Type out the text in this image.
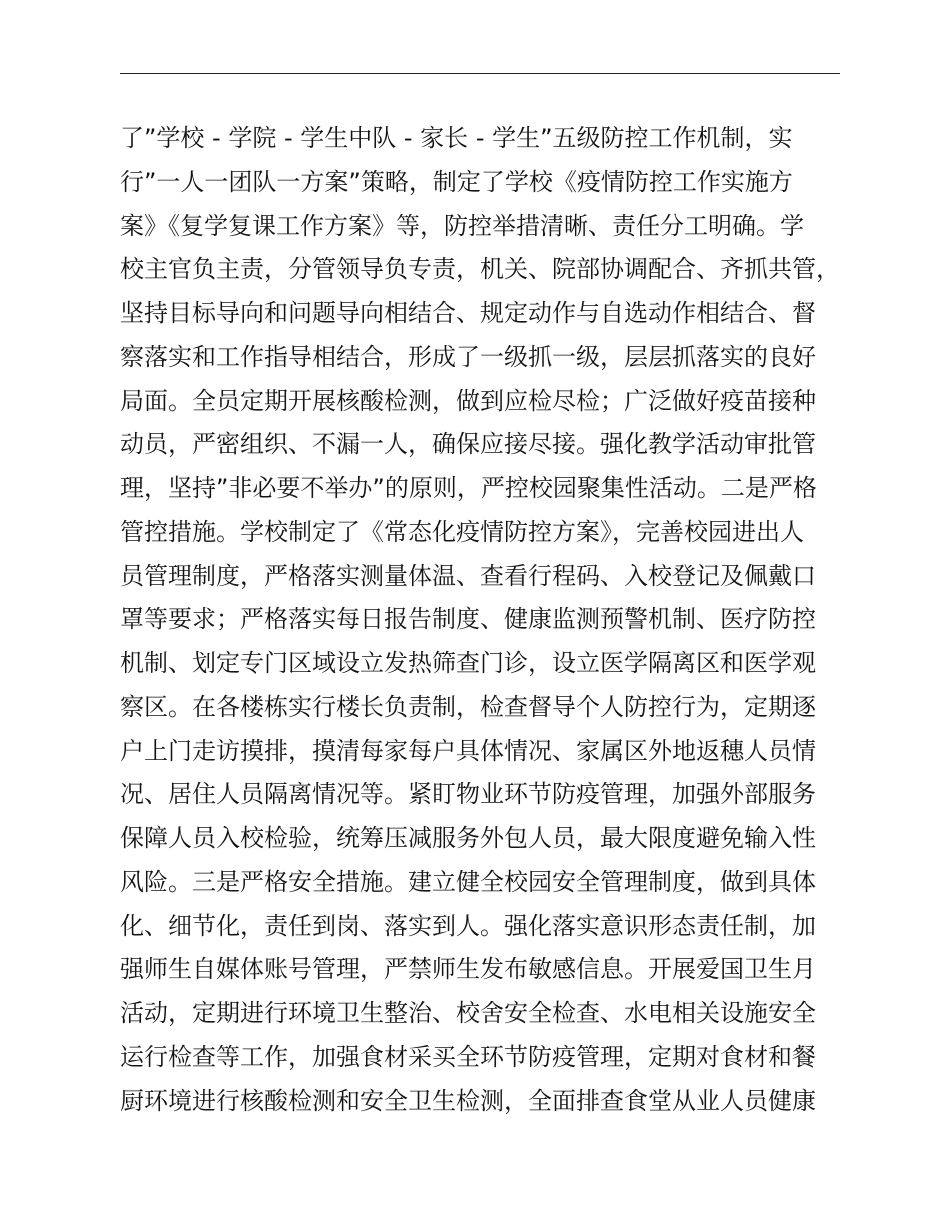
了”学校 - 学院 - 学生中队 - 家长 - 学生”五级防控工作机制，实
行”一人一团队一方案”策略，制定了学校《疫情防控工作实施方
案》《复学复课工作方案》等，防控举措清晰、责任分工明确。学
校主官负主责，分管领导负专责，机关、院部协调配合、齐抓共管，
坚持目标导向和问题导向相结合、规定动作与自选动作相结合、督
察落实和工作指导相结合，形成了一级抓一级，层层抓落实的良好
局面。全员定期开展核酸检测，做到应检尽检；广泛做好疫苗接种
动员，严密组织、不漏一人，确保应接尽接。强化教学活动审批管
理，坚持”非必要不举办”的原则，严控校园聚集性活动。二是严格
管控措施。学校制定了《常态化疫情防控方案》，完善校园进出人
员管理制度，严格落实测量体温、查看行程码、入校登记及佩戴口
罩等要求；严格落实每日报告制度、健康监测预警机制、医疗防控
机制、划定专门区域设立发热筛查门诊，设立医学隔离区和医学观
察区。在各楼栋实行楼长负责制，检查督导个人防控行为，定期逐
户上门走访摸排，摸清每家每户具体情况、家属区外地返穗人员情
况、居住人员隔离情况等。紧盯物业环节防疫管理，加强外部服务
保障人员入校检验，统筹压减服务外包人员，最大限度避免输入性
风险。三是严格安全措施。建立健全校园安全管理制度，做到具体
化、细节化，责任到岗、落实到人。强化落实意识形态责任制，加
强师生自媒体账号管理，严禁师生发布敏感信息。开展爱国卫生月
活动，定期进行环境卫生整治、校舍安全检查、水电相关设施安全
运行检查等工作，加强食材采买全环节防疫管理，定期对食材和餐
厨环境进行核酸检测和安全卫生检测，全面排查食堂从业人员健康
